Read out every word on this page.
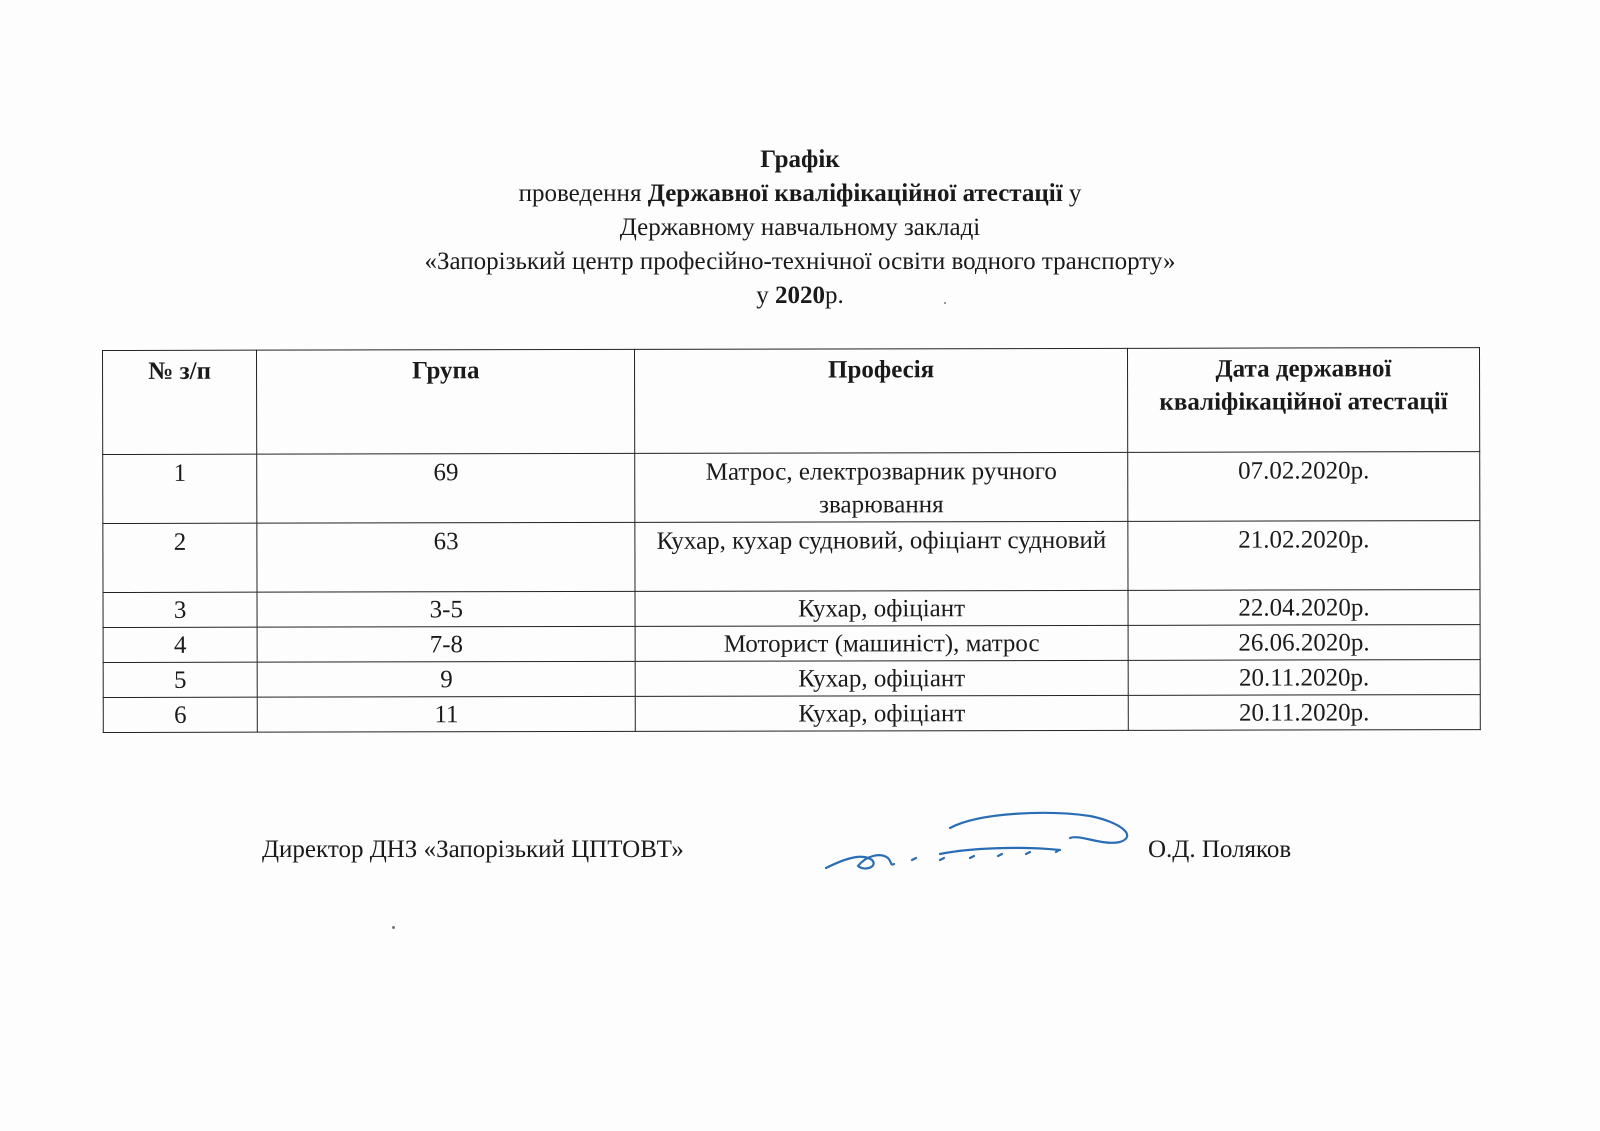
Графік
проведення Державної кваліфікаційної атестації у
Державному навчальному закладі
«Запорізький центр професійно-технічної освіти водного транспорту»
у 2020р.
№ з/п	Група	Професія	Дата державної кваліфікаційної атестації
1	69	Матрос, електрозварник ручного зварювання	07.02.2020р.
2	63	Кухар, кухар судновий, офіціант судновий	21.02.2020р.
3	3-5	Кухар, офіціант	22.04.2020р.
4	7-8	Моторист (машиніст), матрос	26.06.2020р.
5	9	Кухар, офіціант	20.11.2020р.
6	11	Кухар, офіціант	20.11.2020р.
Директор ДНЗ «Запорізький ЦПТОВТ»	О.Д. Поляков
